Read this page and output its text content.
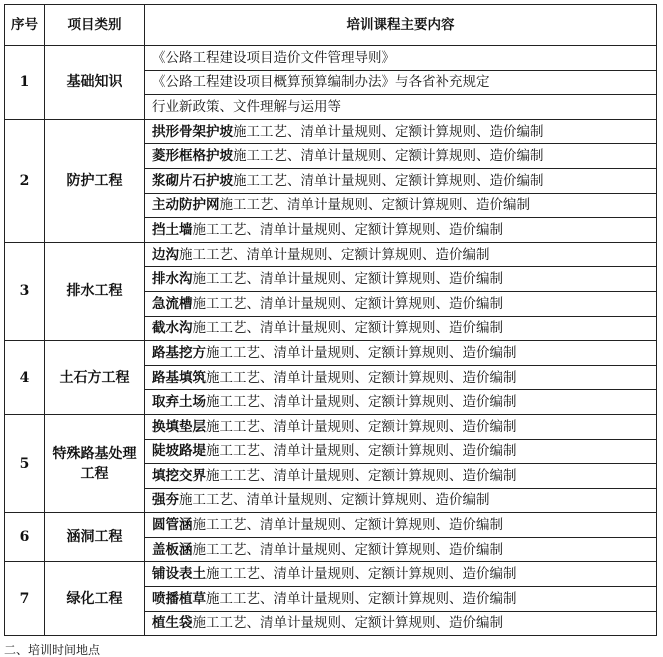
序号	项目类别	培训课程主要内容
1	基础知识	《公路工程建设项目造价文件管理导则》
		《公路工程建设项目概算预算编制办法》与各省补充规定
		行业新政策、文件理解与运用等
2	防护工程	拱形骨架护坡施工工艺、清单计量规则、定额计算规则、造价编制
		菱形框格护坡施工工艺、清单计量规则、定额计算规则、造价编制
		浆砌片石护坡施工工艺、清单计量规则、定额计算规则、造价编制
		主动防护网施工工艺、清单计量规则、定额计算规则、造价编制
		挡土墙施工工艺、清单计量规则、定额计算规则、造价编制
3	排水工程	边沟施工工艺、清单计量规则、定额计算规则、造价编制
		排水沟施工工艺、清单计量规则、定额计算规则、造价编制
		急流槽施工工艺、清单计量规则、定额计算规则、造价编制
		截水沟施工工艺、清单计量规则、定额计算规则、造价编制
4	土石方工程	路基挖方施工工艺、清单计量规则、定额计算规则、造价编制
		路基填筑施工工艺、清单计量规则、定额计算规则、造价编制
		取弃土场施工工艺、清单计量规则、定额计算规则、造价编制
5	特殊路基处理工程	换填垫层施工工艺、清单计量规则、定额计算规则、造价编制
		陡坡路堤施工工艺、清单计量规则、定额计算规则、造价编制
		填挖交界施工工艺、清单计量规则、定额计算规则、造价编制
		强夯施工工艺、清单计量规则、定额计算规则、造价编制
6	涵洞工程	圆管涵施工工艺、清单计量规则、定额计算规则、造价编制
		盖板涵施工工艺、清单计量规则、定额计算规则、造价编制
7	绿化工程	铺设表土施工工艺、清单计量规则、定额计算规则、造价编制
		喷播植草施工工艺、清单计量规则、定额计算规则、造价编制
		植生袋施工工艺、清单计量规则、定额计算规则、造价编制
二、培训时间地点
